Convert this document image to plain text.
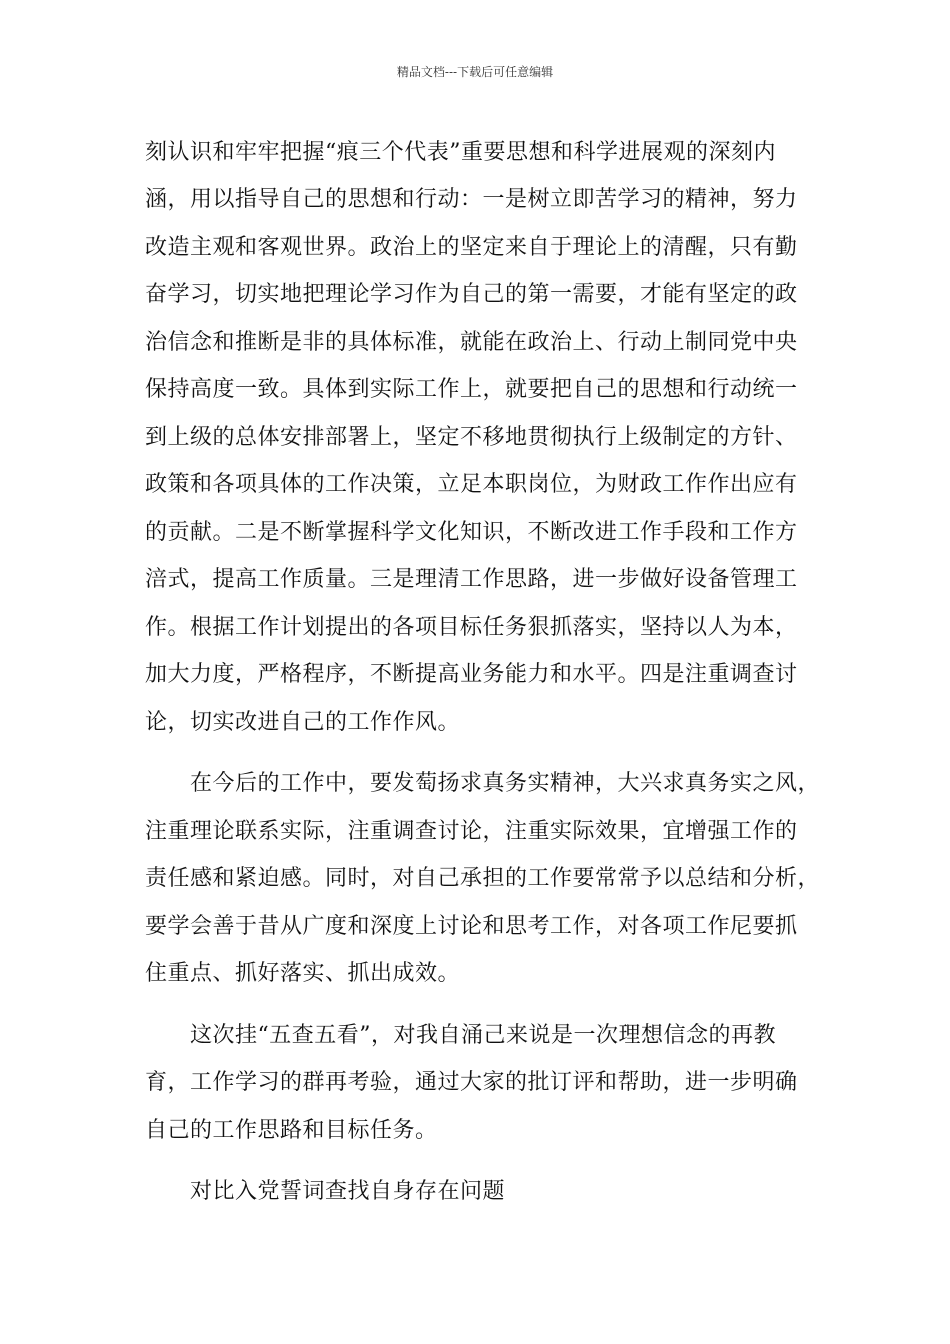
精品文档---下载后可任意编辑
刻认识和牢牢把握“痕三个代表”重要思想和科学进展观的深刻内
涵，用以指导自己的思想和行动：一是树立即苦学习的精神，努力
改造主观和客观世界。政治上的坚定来自于理论上的清醒，只有勤
奋学习，切实地把理论学习作为自己的第一需要，才能有坚定的政
治信念和推断是非的具体标准，就能在政治上、行动上制同党中央
保持高度一致。具体到实际工作上，就要把自己的思想和行动统一
到上级的总体安排部署上，坚定不移地贯彻执行上级制定的方针、
政策和各项具体的工作决策，立足本职岗位，为财政工作作出应有
的贡献。二是不断掌握科学文化知识，不断改进工作手段和工作方
涪式，提高工作质量。三是理清工作思路，进一步做好设备管理工
作。根据工作计划提出的各项目标任务狠抓落实，坚持以人为本，
加大力度，严格程序，不断提高业务能力和水平。四是注重调查讨
论，切实改进自己的工作作风。
在今后的工作中，要发萄扬求真务实精神，大兴求真务实之风，
注重理论联系实际，注重调查讨论，注重实际效果，宜增强工作的
责任感和紧迫感。同时，对自己承担的工作要常常予以总结和分析，
要学会善于昔从广度和深度上讨论和思考工作，对各项工作尼要抓
住重点、抓好落实、抓出成效。
这次挂“五查五看”，对我自涌己来说是一次理想信念的再教
育，工作学习的群再考验，通过大家的批订评和帮助，进一步明确
自己的工作思路和目标任务。
对比入党誓词查找自身存在问题
